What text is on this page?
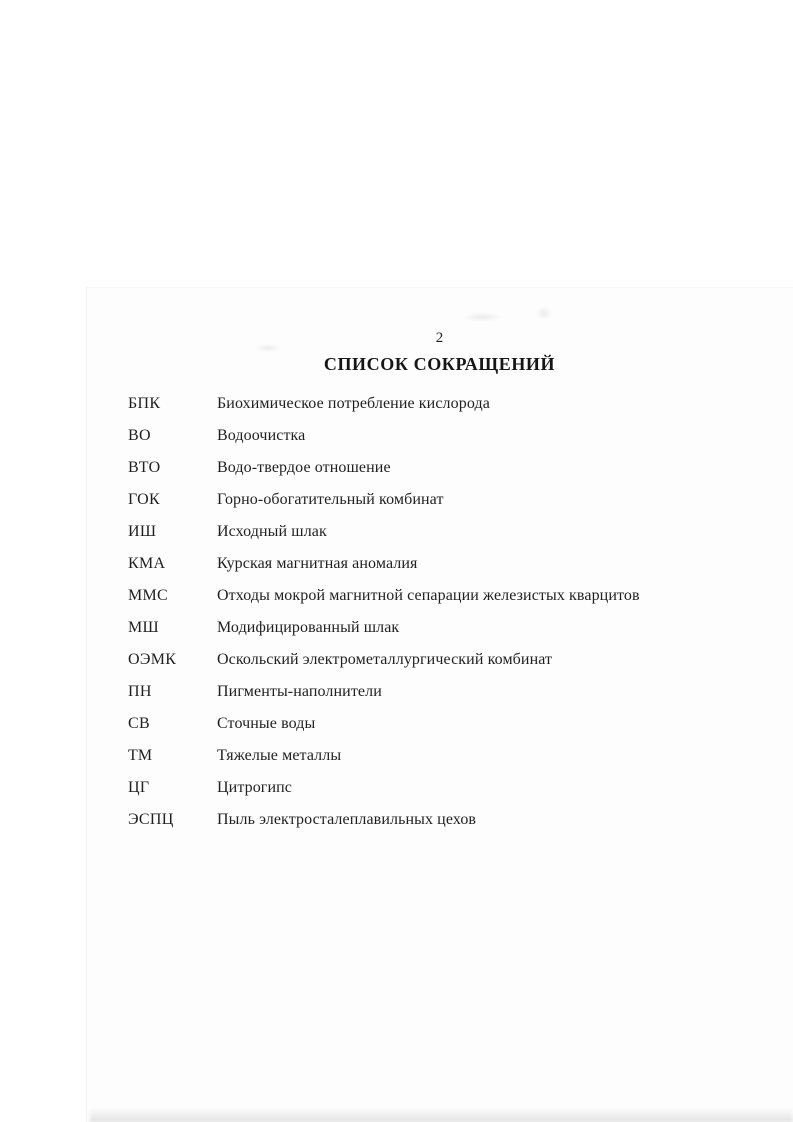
2
СПИСОК СОКРАЩЕНИЙ
БПК	Биохимическое потребление кислорода
ВО	Водоочистка
ВТО	Водо-твердое отношение
ГОК	Горно-обогатительный комбинат
ИШ	Исходный шлак
КМА	Курская магнитная аномалия
ММС	Отходы мокрой магнитной сепарации железистых кварцитов
МШ	Модифицированный шлак
ОЭМК	Оскольский электрометаллургический комбинат
ПН	Пигменты-наполнители
СВ	Сточные воды
ТМ	Тяжелые металлы
ЦГ	Цитрогипс
ЭСПЦ	Пыль электросталеплавильных цехов
